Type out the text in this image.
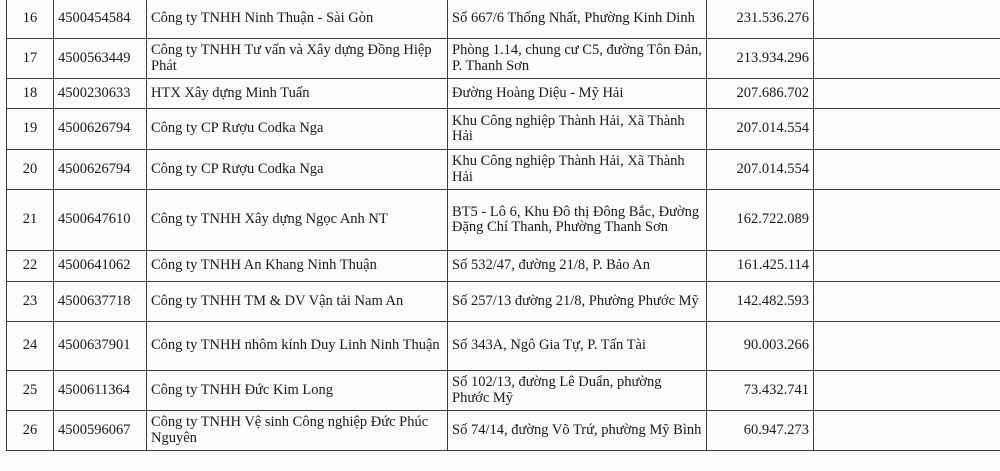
16	4500454584	Công ty TNHH Ninh Thuận - Sài Gòn	Số 667/6 Thống Nhất, Phường Kinh Dinh	231.536.276	
17	4500563449	Công ty TNHH Tư vấn và Xây dựng Đồng Hiệp Phát	Phòng 1.14, chung cư C5, đường Tôn Đản, P. Thanh Sơn	213.934.296	
18	4500230633	HTX Xây dựng Minh Tuấn	Đường Hoàng Diệu - Mỹ Hải	207.686.702	
19	4500626794	Công ty CP Rượu Codka Nga	Khu Công nghiệp Thành Hải, Xã Thành Hải	207.014.554	
20	4500626794	Công ty CP Rượu Codka Nga	Khu Công nghiệp Thành Hải, Xã Thành Hải	207.014.554	
21	4500647610	Công ty TNHH Xây dựng Ngọc Anh NT	BT5 - Lô 6, Khu Đô thị Đông Bắc, Đường Đặng Chí Thanh, Phường Thanh Sơn	162.722.089	
22	4500641062	Công ty TNHH An Khang Ninh Thuận	Số 532/47, đường 21/8, P. Bảo An	161.425.114	
23	4500637718	Công ty TNHH TM & DV Vận tải Nam An	Số 257/13 đường 21/8, Phường Phước Mỹ	142.482.593	
24	4500637901	Công ty TNHH nhôm kính Duy Linh Ninh Thuận	Số 343A, Ngô Gia Tự, P. Tấn Tài	90.003.266	
25	4500611364	Công ty TNHH Đức Kim Long	Số 102/13, đường Lê Duẩn, phường Phước Mỹ	73.432.741	
26	4500596067	Công ty TNHH Vệ sinh Công nghiệp Đức Phúc Nguyên	Số 74/14, đường Võ Trứ, phường Mỹ Bình	60.947.273	
